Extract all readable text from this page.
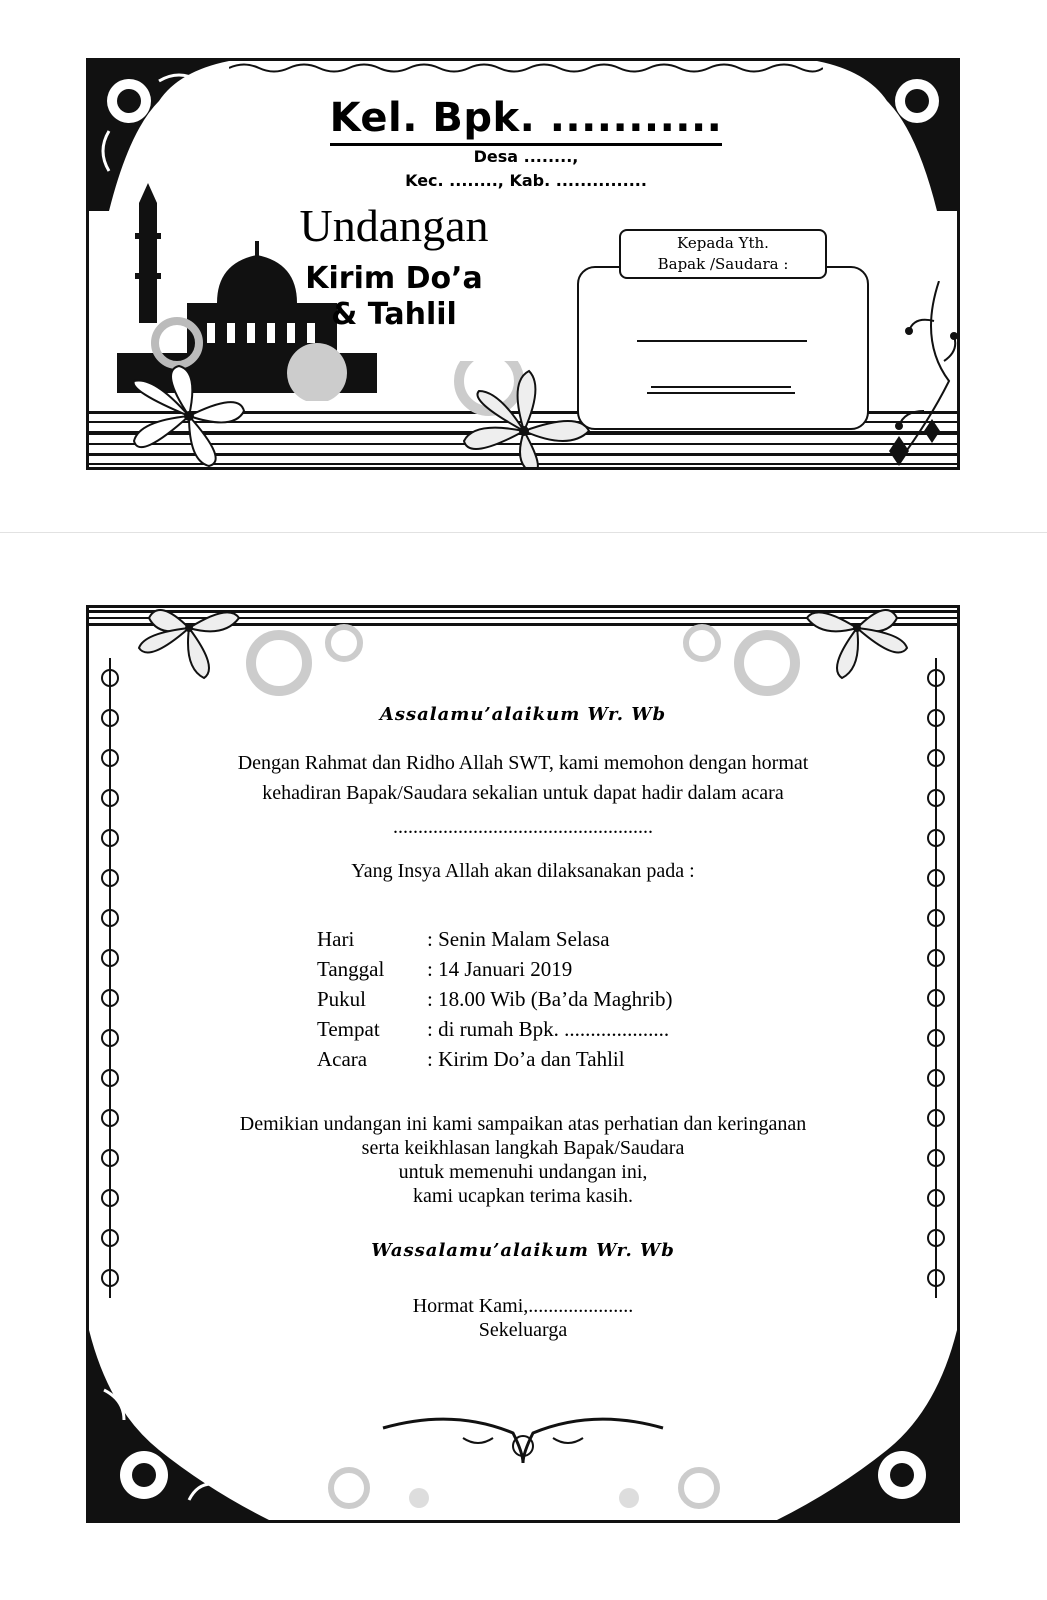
Kel. Bpk. ...........
Desa ........,
Kec. ........, Kab. ...............
Undangan
Kirim Do’a
& Tahlil
Kepada Yth.
Bapak /Saudara :
Assalamu’alaikum Wr. Wb
Dengan Rahmat dan Ridho Allah SWT, kami memohon dengan hormat
kehadiran Bapak/Saudara sekalian untuk dapat hadir dalam acara
....................................................
Yang Insya Allah akan dilaksanakan pada :
Hari	: Senin Malam Selasa
Tanggal	: 14 Januari 2019
Pukul	: 18.00 Wib (Ba’da Maghrib)
Tempat	: di rumah Bpk. ....................
Acara	: Kirim Do’a dan Tahlil
Demikian undangan ini kami sampaikan atas perhatian dan keringanan
serta keikhlasan langkah Bapak/Saudara
untuk memenuhi undangan ini,
kami ucapkan terima kasih.
Wassalamu’alaikum Wr. Wb
Hormat Kami,.....................
Sekeluarga
